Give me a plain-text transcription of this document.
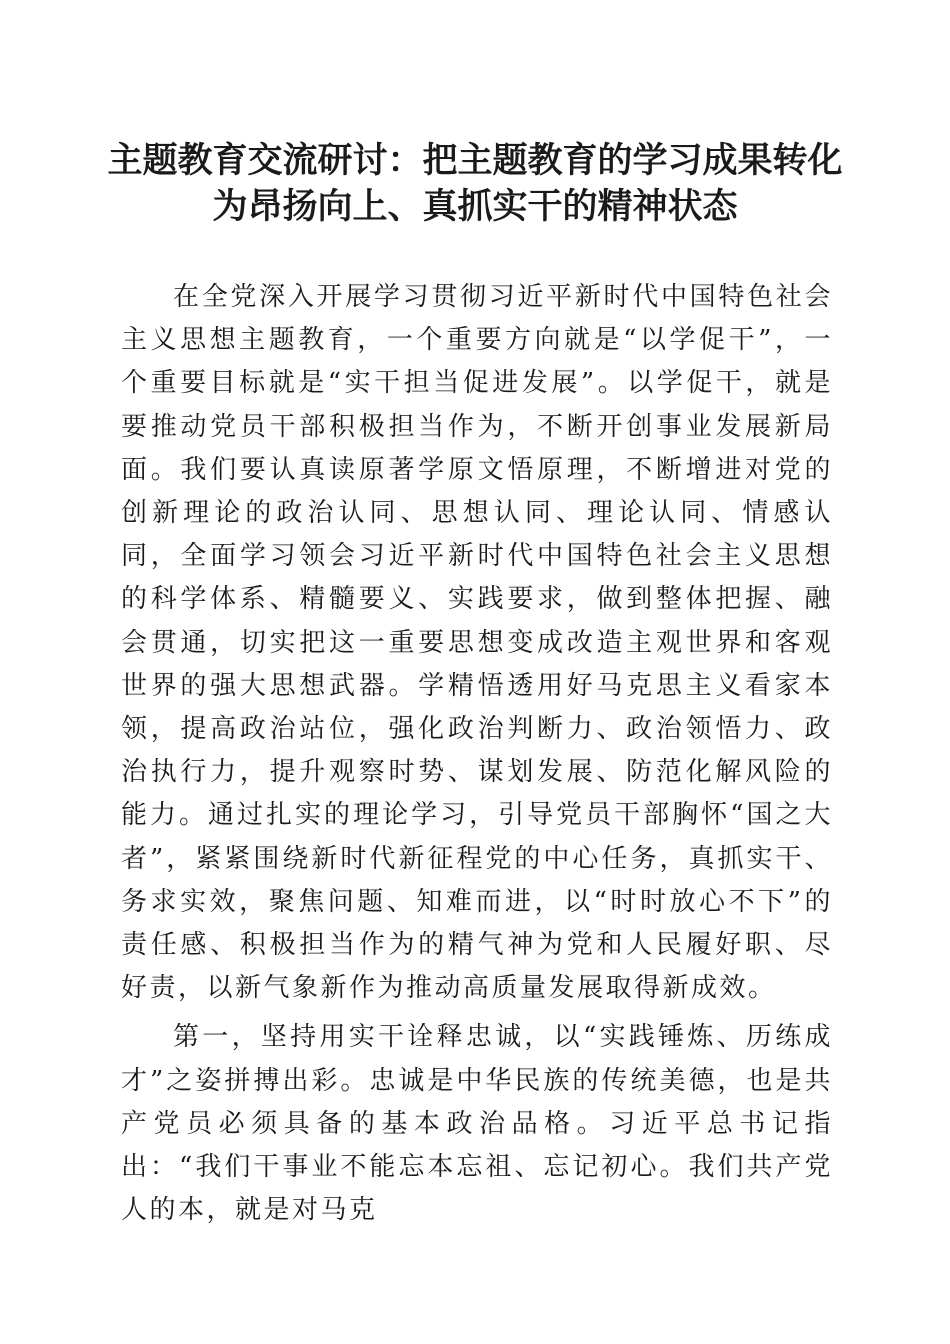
主题教育交流研讨：把主题教育的学习成果转化为昂扬向上、真抓实干的精神状态

在全党深入开展学习贯彻习近平新时代中国特色社会主义思想主题教育，一个重要方向就是“以学促干”，一个重要目标就是“实干担当促进发展”。以学促干，就是要推动党员干部积极担当作为，不断开创事业发展新局面。我们要认真读原著学原文悟原理，不断增进对党的创新理论的政治认同、思想认同、理论认同、情感认同，全面学习领会习近平新时代中国特色社会主义思想的科学体系、精髓要义、实践要求，做到整体把握、融会贯通，切实把这一重要思想变成改造主观世界和客观世界的强大思想武器。学精悟透用好马克思主义看家本领，提高政治站位，强化政治判断力、政治领悟力、政治执行力，提升观察时势、谋划发展、防范化解风险的能力。通过扎实的理论学习，引导党员干部胸怀“国之大者”，紧紧围绕新时代新征程党的中心任务，真抓实干、务求实效，聚焦问题、知难而进，以“时时放心不下”的责任感、积极担当作为的精气神为党和人民履好职、尽好责，以新气象新作为推动高质量发展取得新成效。

第一，坚持用实干诠释忠诚，以“实践锤炼、历练成才”之姿拼搏出彩。忠诚是中华民族的传统美德，也是共产党员必须具备的基本政治品格。习近平总书记指出：“我们干事业不能忘本忘祖、忘记初心。我们共产党人的本，就是对马克
